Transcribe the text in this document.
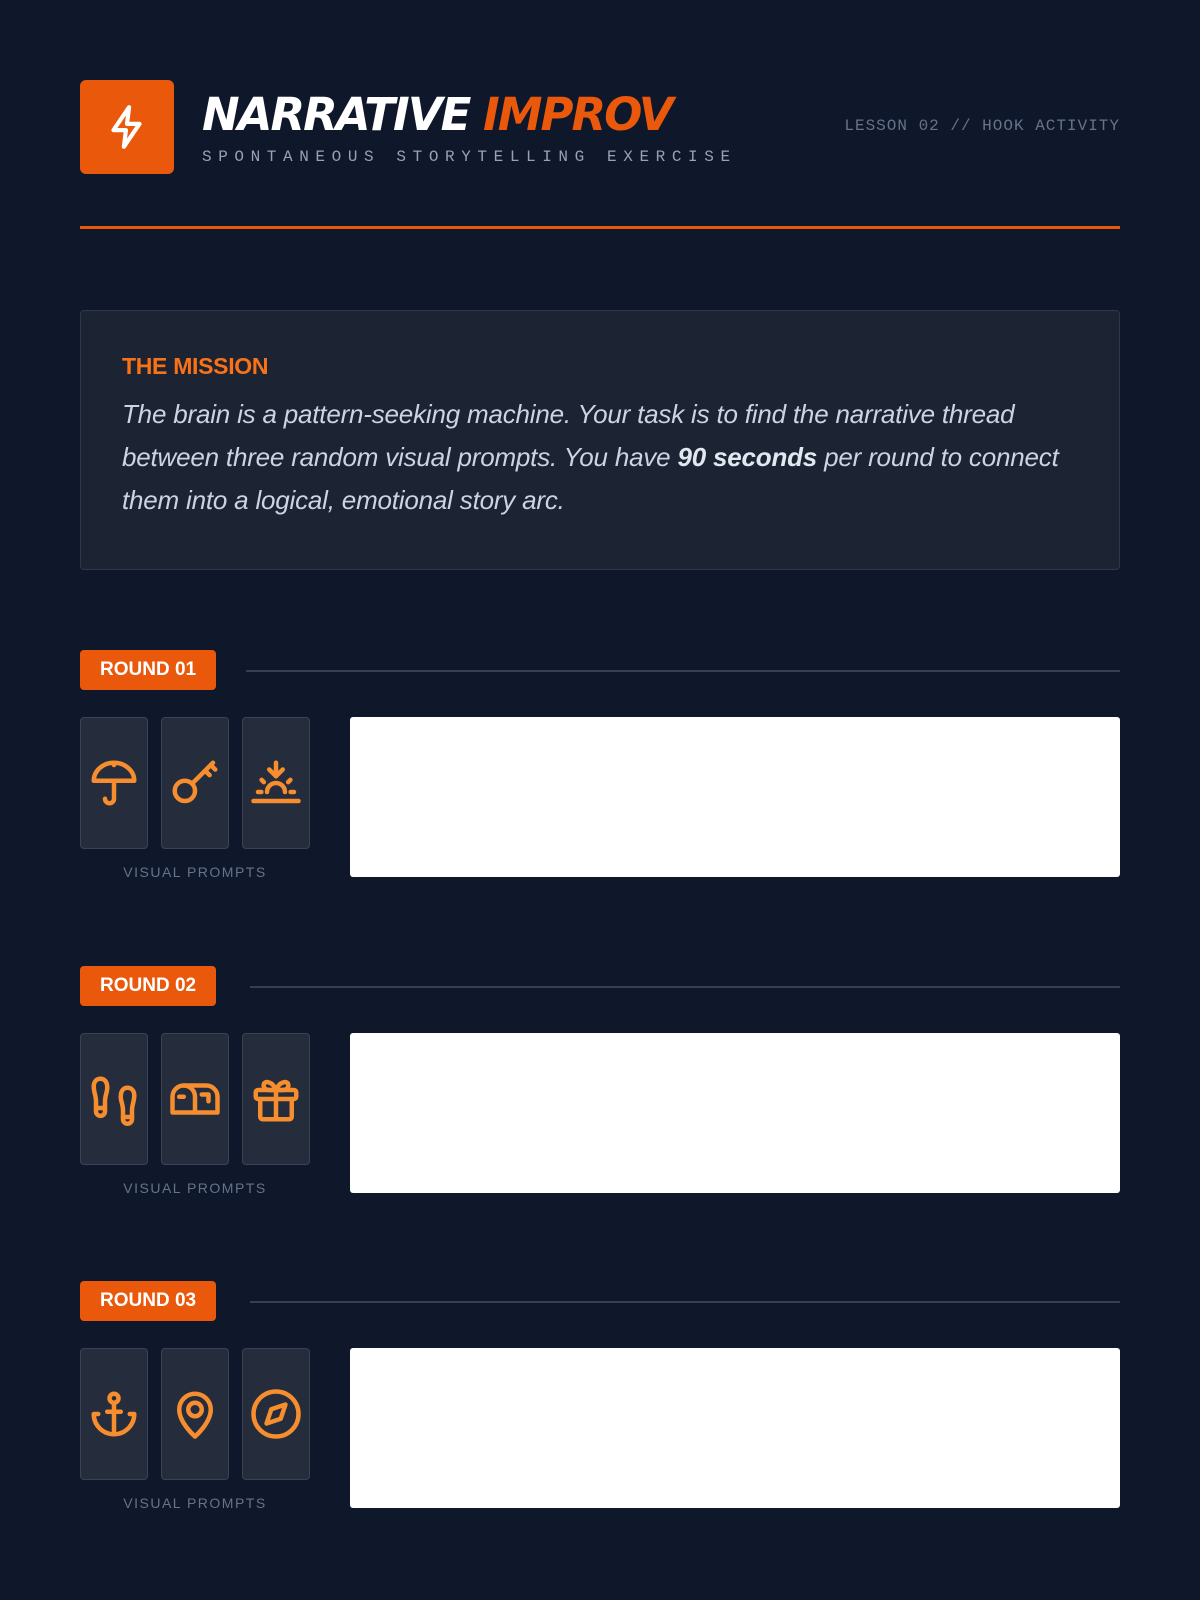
NARRATIVE IMPROV
SPONTANEOUS STORYTELLING EXERCISE
LESSON 02 // HOOK ACTIVITY
THE MISSION

The brain is a pattern-seeking machine. Your task is to find the narrative thread between three random visual prompts. You have 90 seconds per round to connect them into a logical, emotional story arc.

ROUND 01
VISUAL PROMPTS
ROUND 02
VISUAL PROMPTS
ROUND 03
VISUAL PROMPTS
